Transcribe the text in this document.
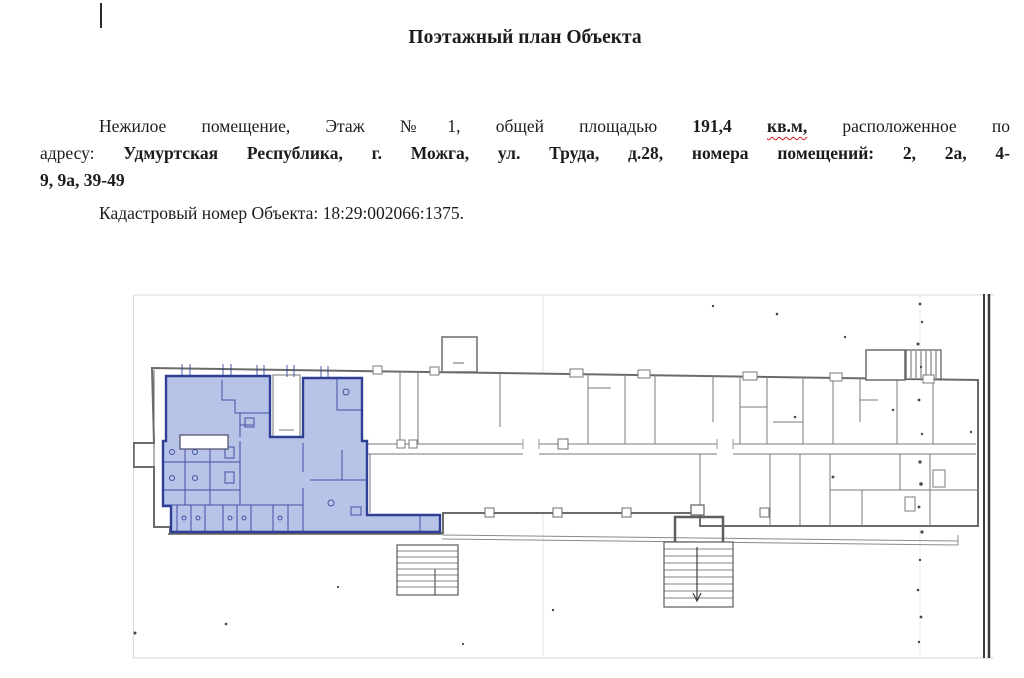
Поэтажный план Объекта
Нежилое помещение, Этаж №1, общей площадью 191,4 кв.м, расположенное по
адресу: Удмуртская Республика, г. Можга, ул. Труда, д.28, номера помещений: 2, 2а, 4-
9, 9а, 39-49
Кадастровый номер Объекта: 18:29:002066:1375.
